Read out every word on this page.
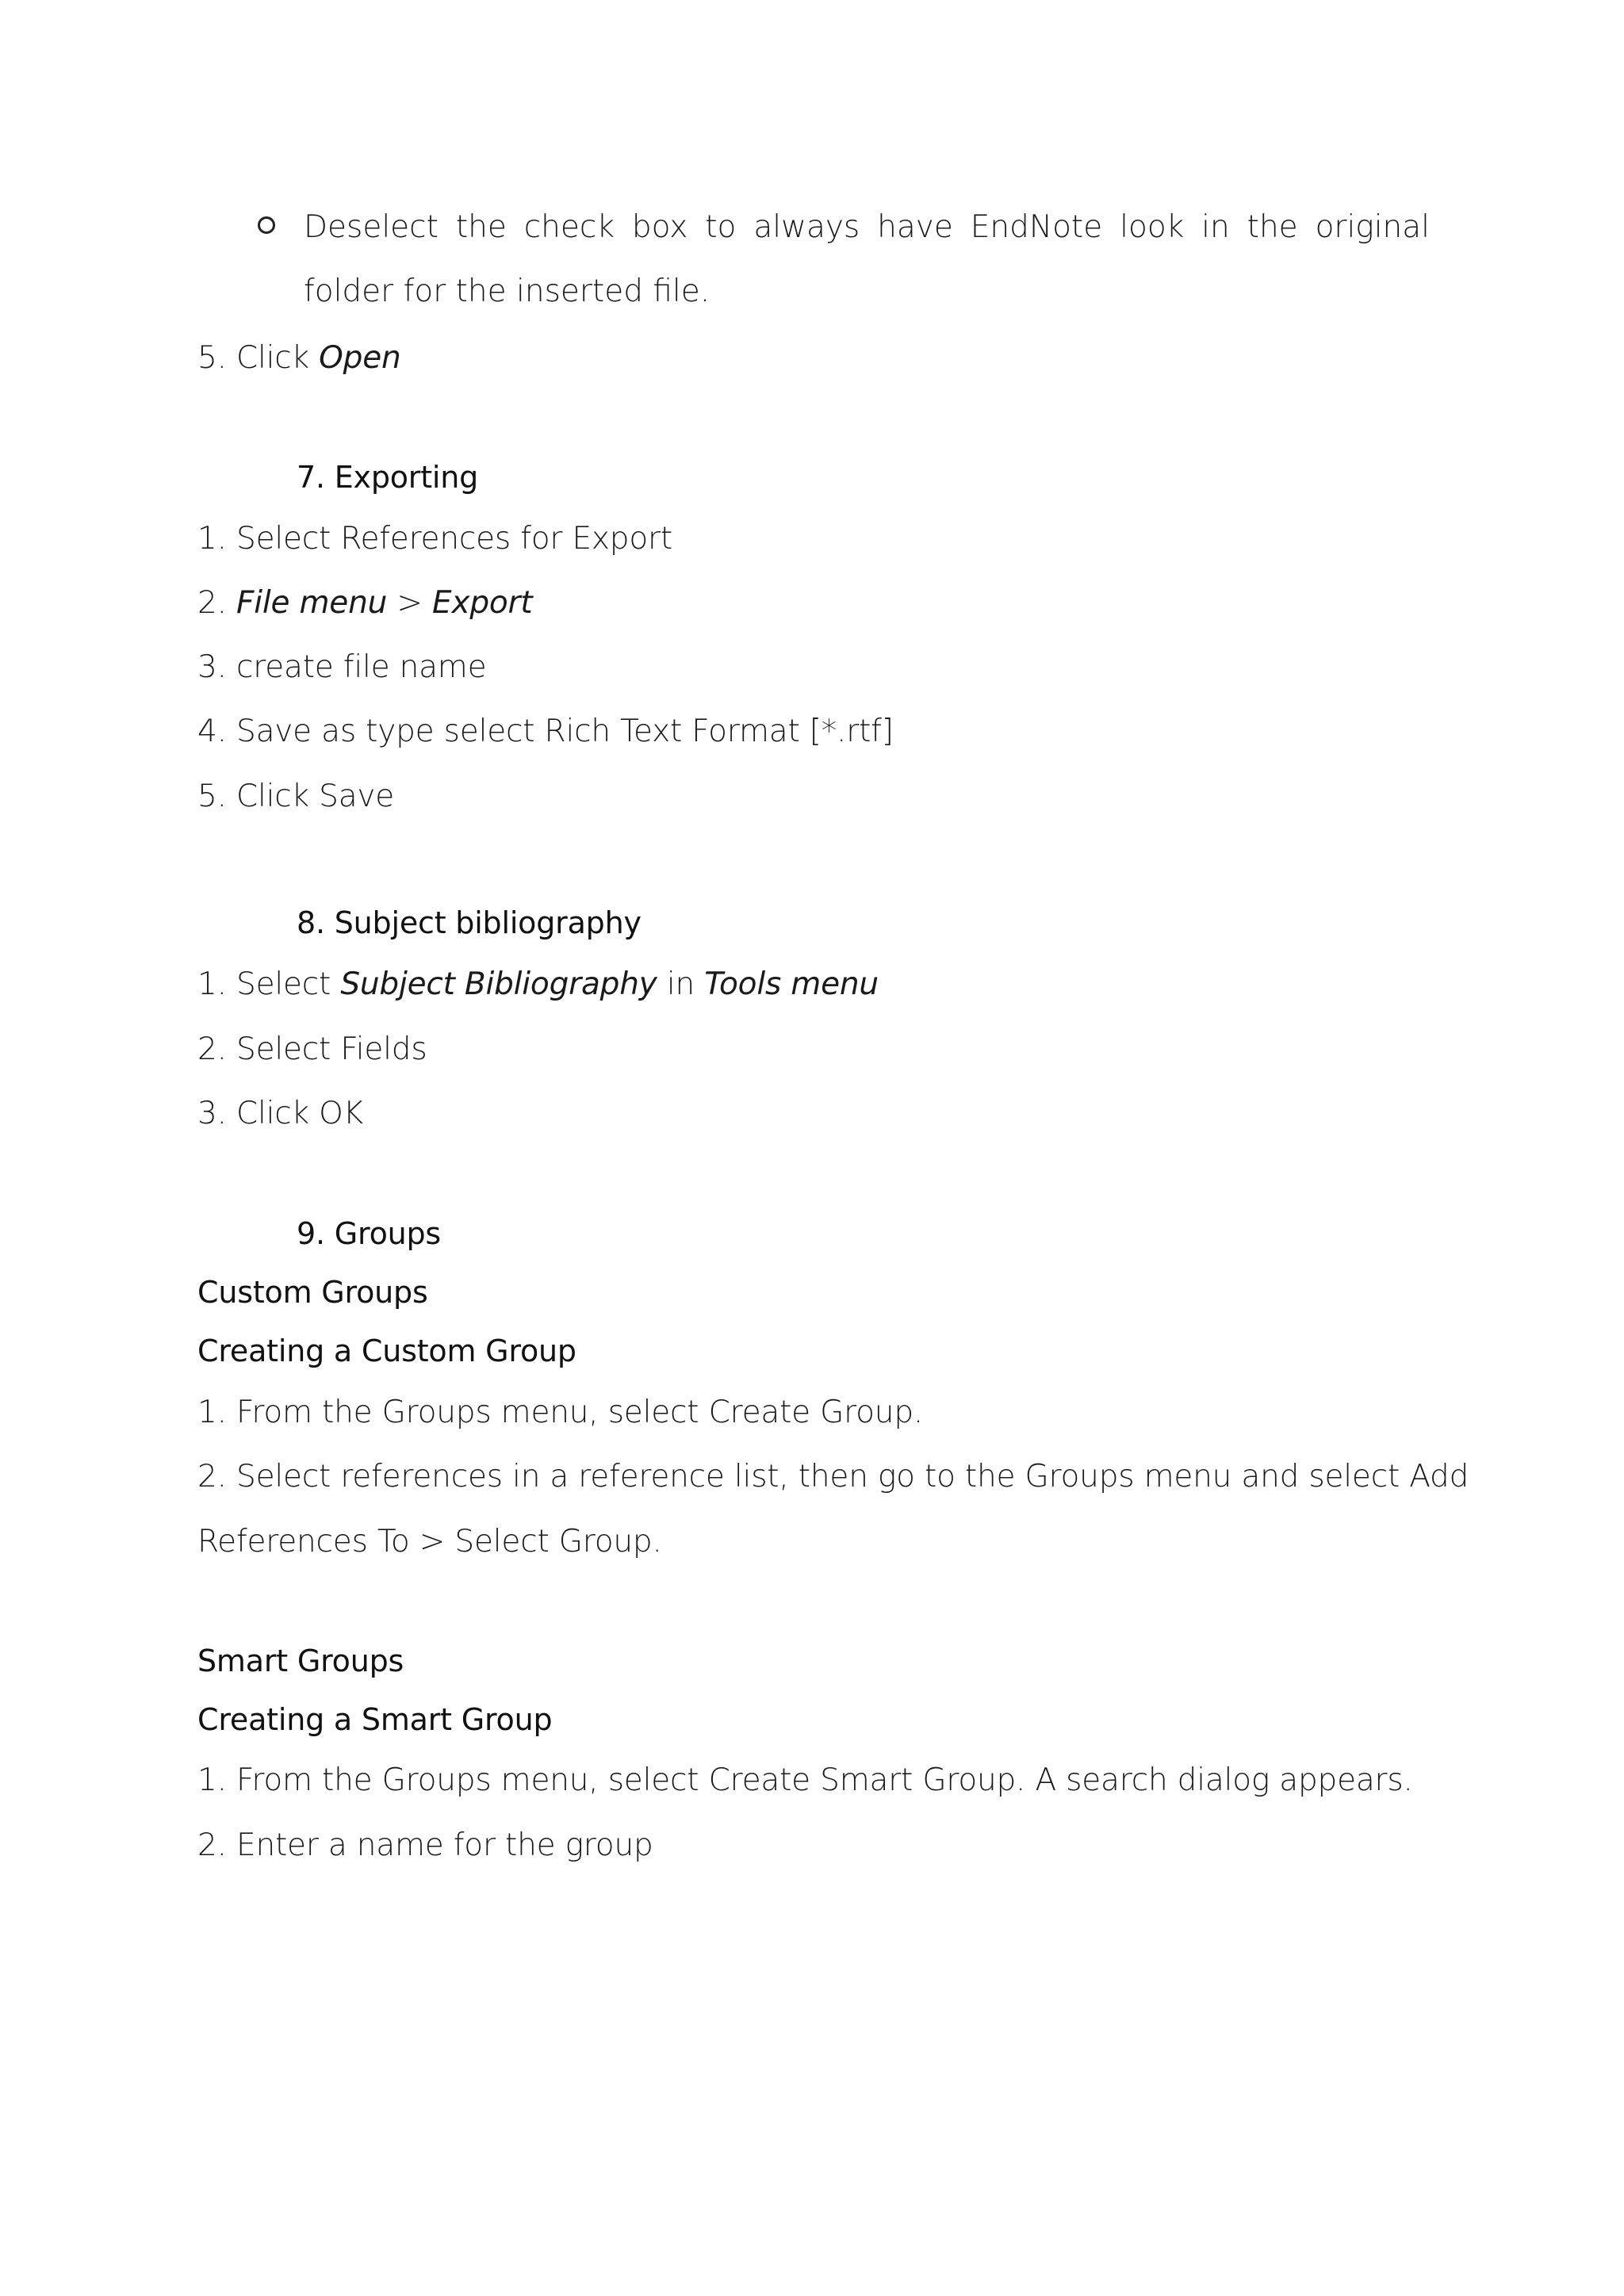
Deselect the check box to always have EndNote look in the original folder for the inserted file.
5. Click Open
7. Exporting
1. Select References for Export
2. File menu > Export
3. create file name
4. Save as type select Rich Text Format [*.rtf]
5. Click Save
8. Subject bibliography
1. Select Subject Bibliography in Tools menu
2. Select Fields
3. Click OK
9. Groups
Custom Groups
Creating a Custom Group
1. From the Groups menu, select Create Group.
2. Select references in a reference list, then go to the Groups menu and select Add
References To > Select Group.
Smart Groups
Creating a Smart Group
1. From the Groups menu, select Create Smart Group. A search dialog appears.
2. Enter a name for the group
